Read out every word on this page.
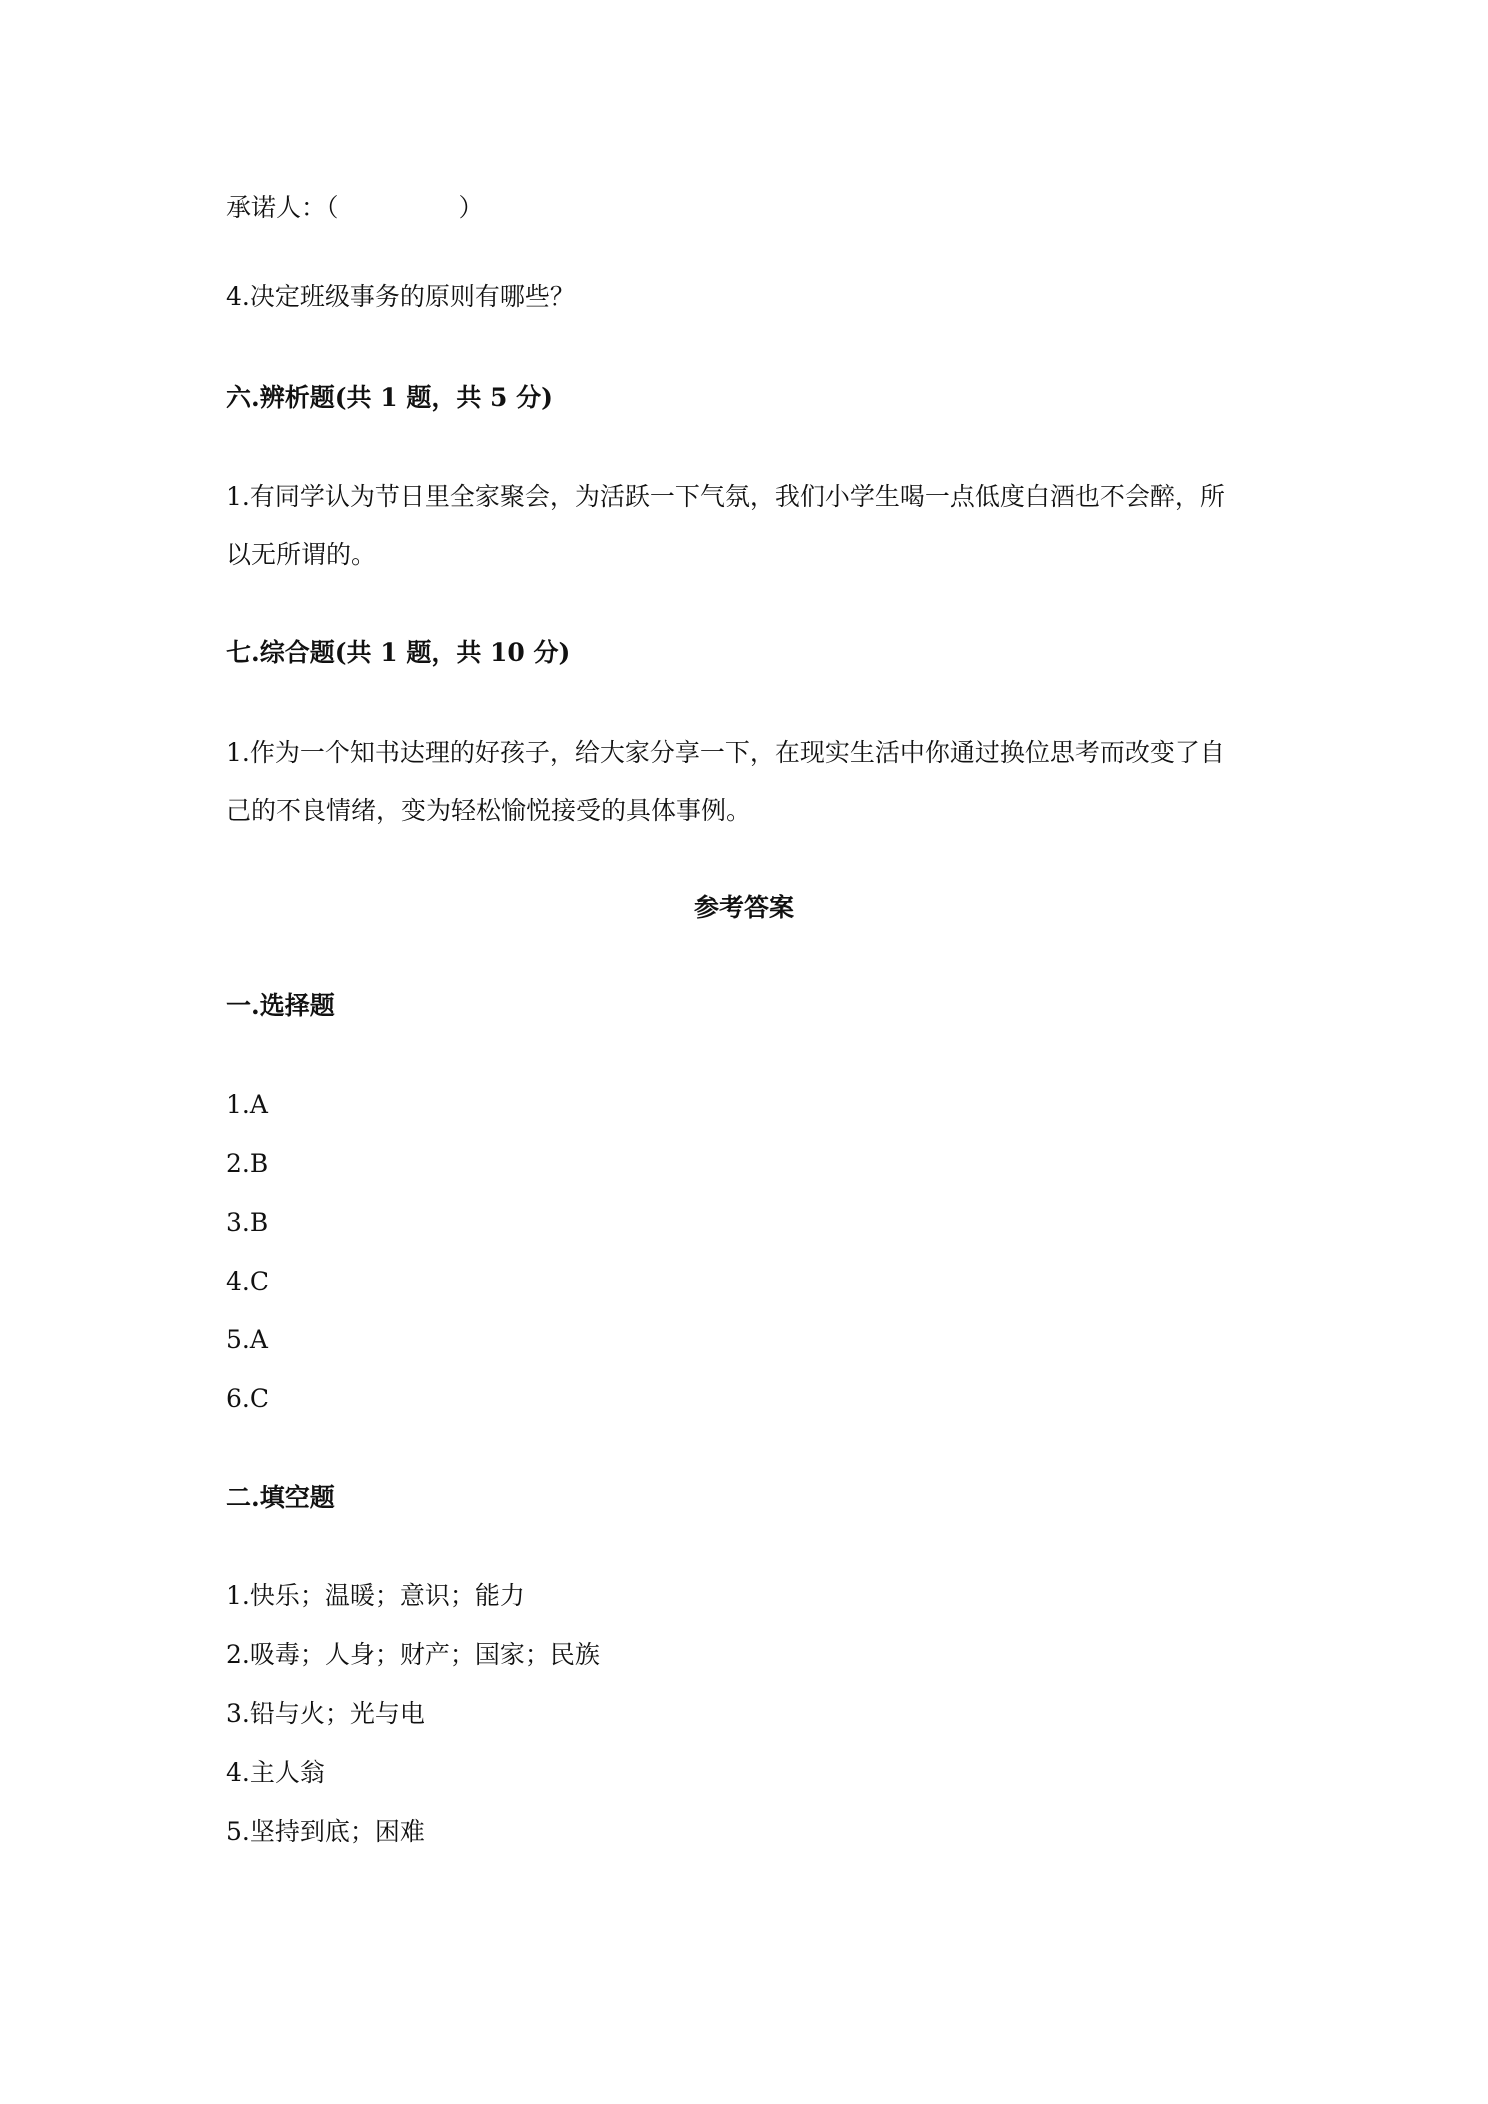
承诺人：（	）
4.决定班级事务的原则有哪些？
六.辨析题(共 1 题，共 5 分)
1.有同学认为节日里全家聚会，为活跃一下气氛，我们小学生喝一点低度白酒也不会醉，所
以无所谓的。
七.综合题(共 1 题，共 10 分)
1.作为一个知书达理的好孩子，给大家分享一下，在现实生活中你通过换位思考而改变了自
己的不良情绪，变为轻松愉悦接受的具体事例。
参考答案
一.选择题
1.A
2.B
3.B
4.C
5.A
6.C
二.填空题
1.快乐；温暖；意识；能力
2.吸毒；人身；财产；国家；民族
3.铅与火；光与电
4.主人翁
5.坚持到底；困难
